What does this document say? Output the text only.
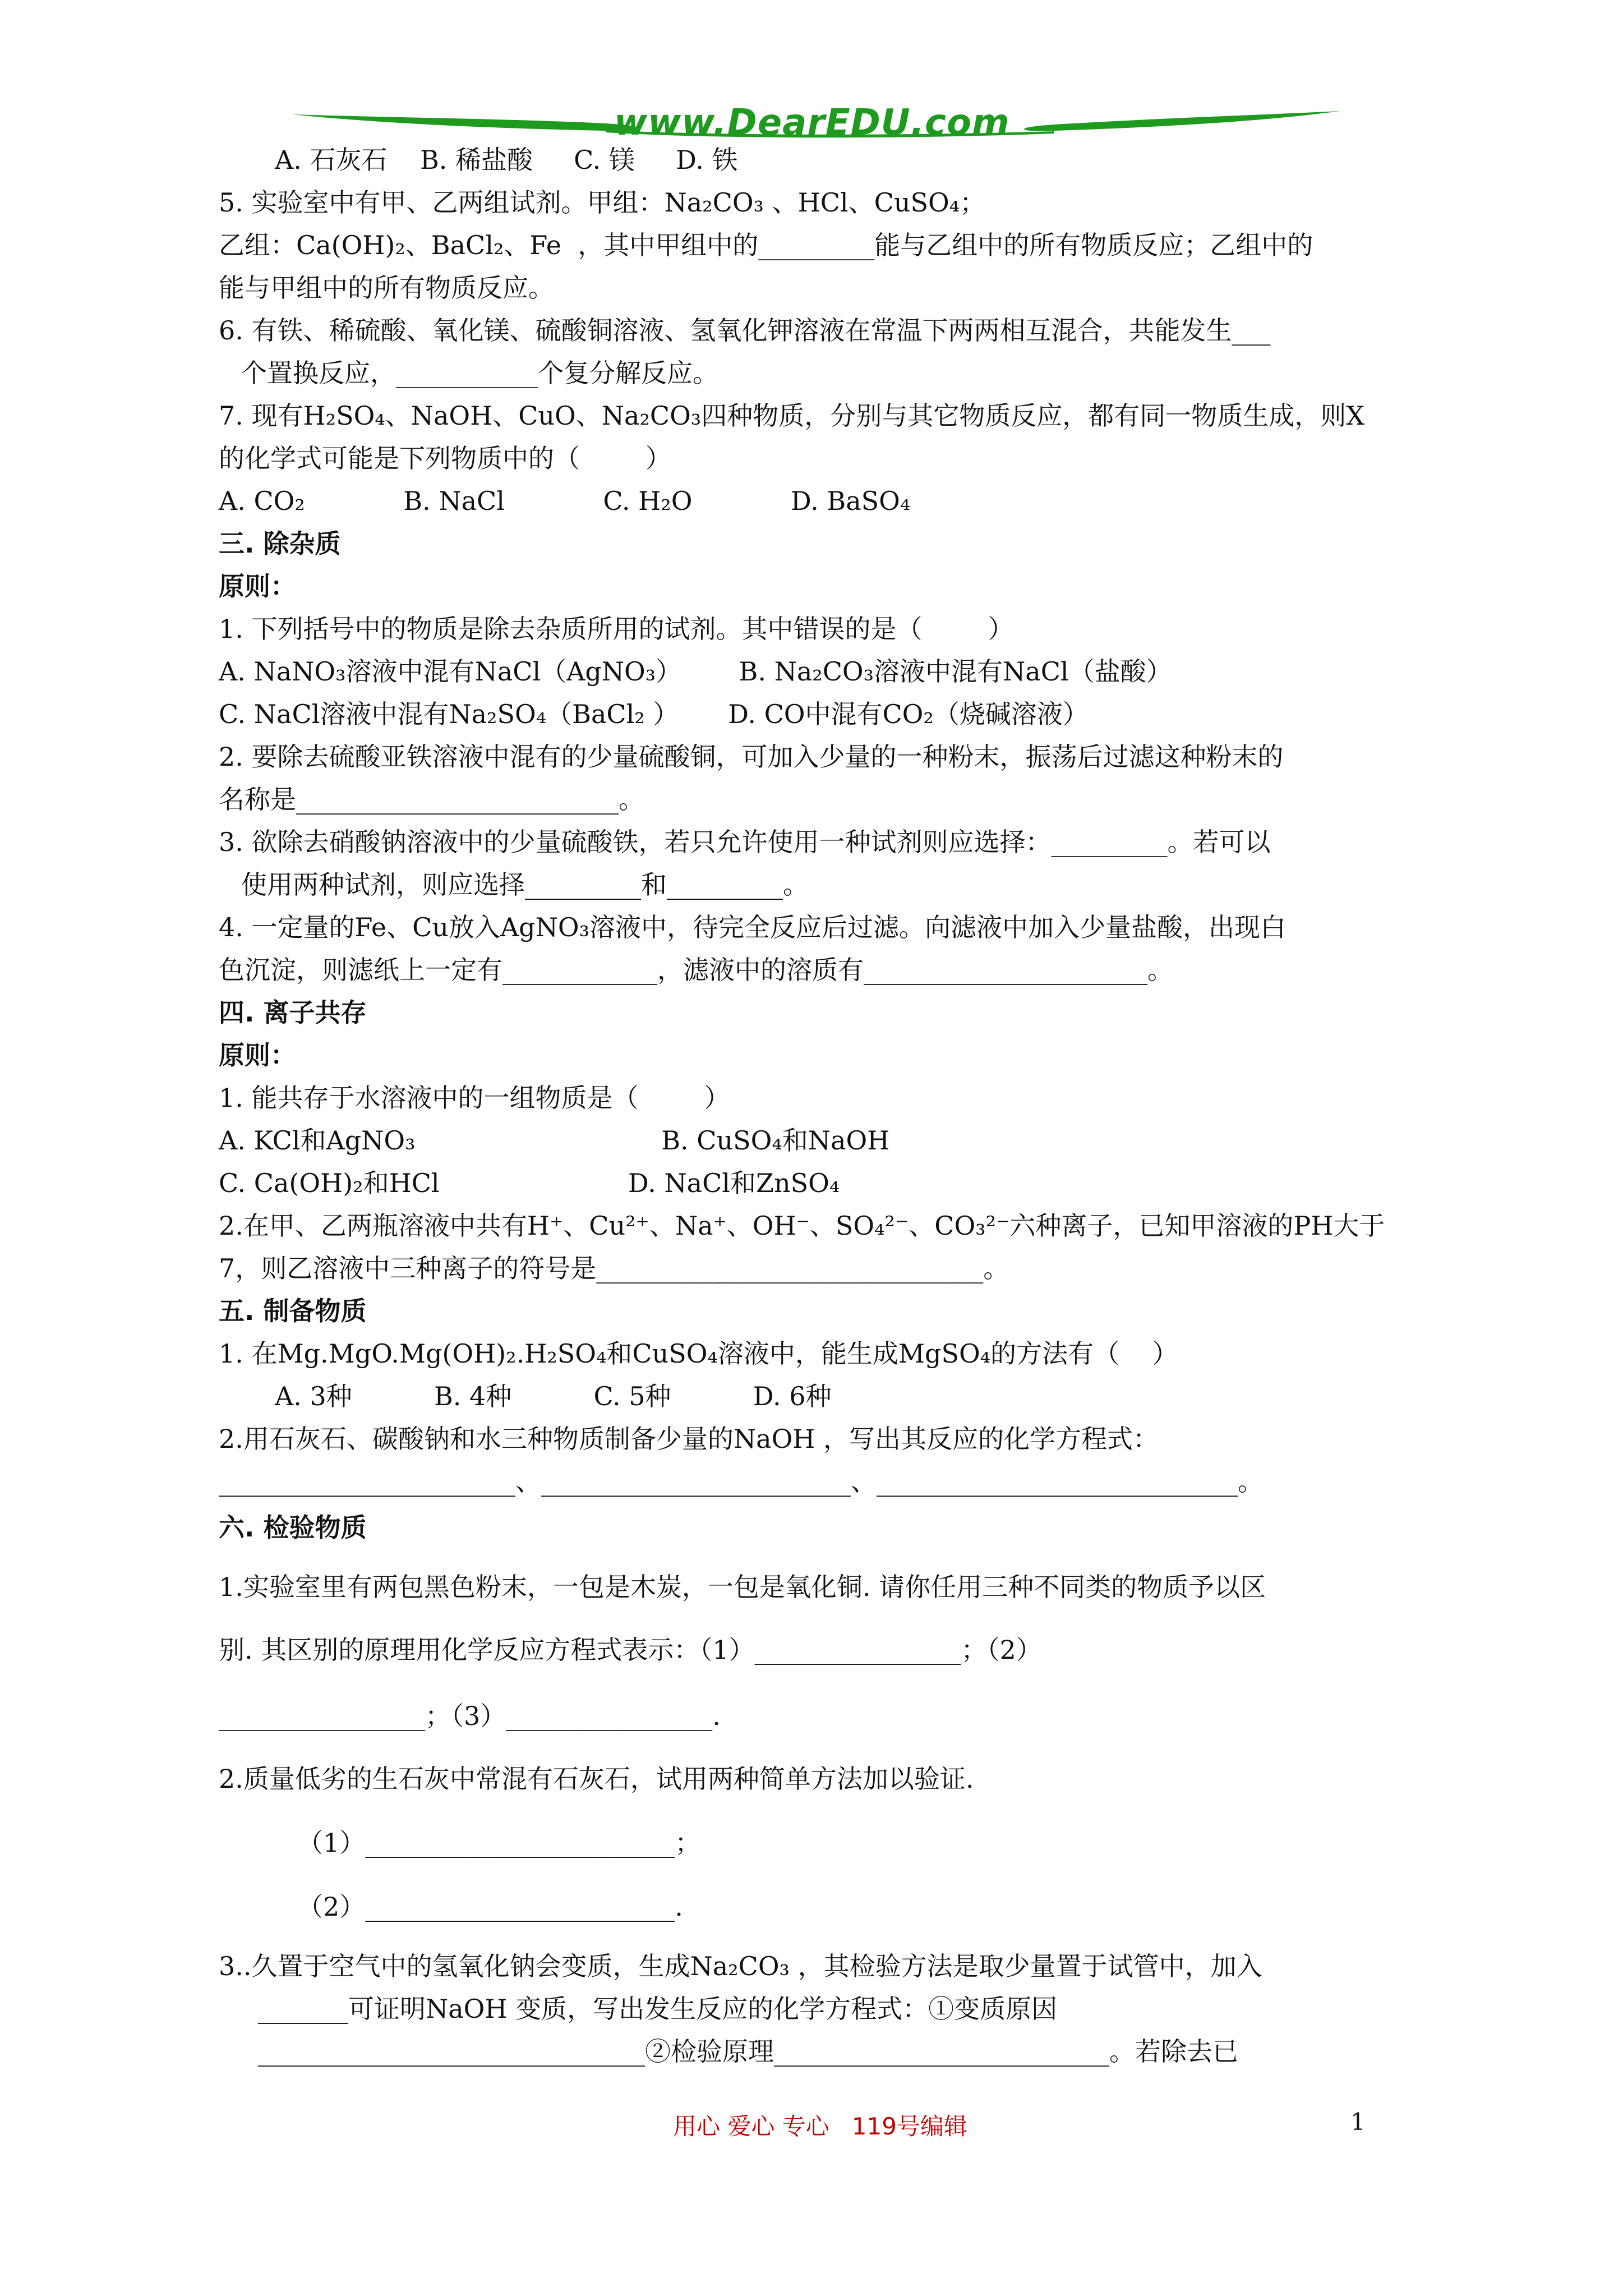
www.DearEDU.com
A. 石灰石    B. 稀盐酸     C. 镁     D. 铁
5. 实验室中有甲、乙两组试剂。甲组：Na₂CO₃ 、HCl、CuSO₄；
乙组：Ca(OH)₂、BaCl₂、Fe  ，其中甲组中的_________能与乙组中的所有物质反应；乙组中的
能与甲组中的所有物质反应。
6. 有铁、稀硫酸、氧化镁、硫酸铜溶液、氢氧化钾溶液在常温下两两相互混合，共能发生___
个置换反应，___________个复分解反应。
7. 现有H₂SO₄、NaOH、CuO、Na₂CO₃四种物质，分别与其它物质反应，都有同一物质生成，则X
的化学式可能是下列物质中的（        ）
A. CO₂            B. NaCl            C. H₂O            D. BaSO₄
三. 除杂质
原则：
1. 下列括号中的物质是除去杂质所用的试剂。其中错误的是（        ）
A. NaNO₃溶液中混有NaCl（AgNO₃）       B. Na₂CO₃溶液中混有NaCl（盐酸）
C. NaCl溶液中混有Na₂SO₄（BaCl₂ ）      D. CO中混有CO₂（烧碱溶液）
2. 要除去硫酸亚铁溶液中混有的少量硫酸铜，可加入少量的一种粉末，振荡后过滤这种粉末的
名称是_________________________。
3. 欲除去硝酸钠溶液中的少量硫酸铁，若只允许使用一种试剂则应选择：_________。若可以
使用两种试剂，则应选择_________和_________。
4. 一定量的Fe、Cu放入AgNO₃溶液中，待完全反应后过滤。向滤液中加入少量盐酸，出现白
色沉淀，则滤纸上一定有____________，滤液中的溶质有______________________。
四. 离子共存
原则：
1. 能共存于水溶液中的一组物质是（        ）
A. KCl和AgNO₃                              B. CuSO₄和NaOH
C. Ca(OH)₂和HCl                       D. NaCl和ZnSO₄
2.在甲、乙两瓶溶液中共有H⁺、Cu²⁺、Na⁺、OH⁻、SO₄²⁻、CO₃²⁻六种离子，已知甲溶液的PH大于
7，则乙溶液中三种离子的符号是______________________________。
五. 制备物质
1. 在Mg.MgO.Mg(OH)₂.H₂SO₄和CuSO₄溶液中，能生成MgSO₄的方法有（    ）
A. 3种          B. 4种          C. 5种          D. 6种
2.用石灰石、碳酸钠和水三种物质制备少量的NaOH ，写出其反应的化学方程式：
_______________________、________________________、____________________________。
六. 检验物质
1.实验室里有两包黑色粉末，一包是木炭，一包是氧化铜. 请你任用三种不同类的物质予以区
别. 其区别的原理用化学反应方程式表示：（1）________________；（2）
________________；（3）________________.
2.质量低劣的生石灰中常混有石灰石，试用两种简单方法加以验证.
（1）________________________；
（2）________________________.
3..久置于空气中的氢氧化钠会变质，生成Na₂CO₃ ，其检验方法是取少量置于试管中，加入
_______可证明NaOH 变质，写出发生反应的化学方程式：①变质原因
______________________________②检验原理__________________________。若除去已
用心 爱心 专心   119号编辑	1
